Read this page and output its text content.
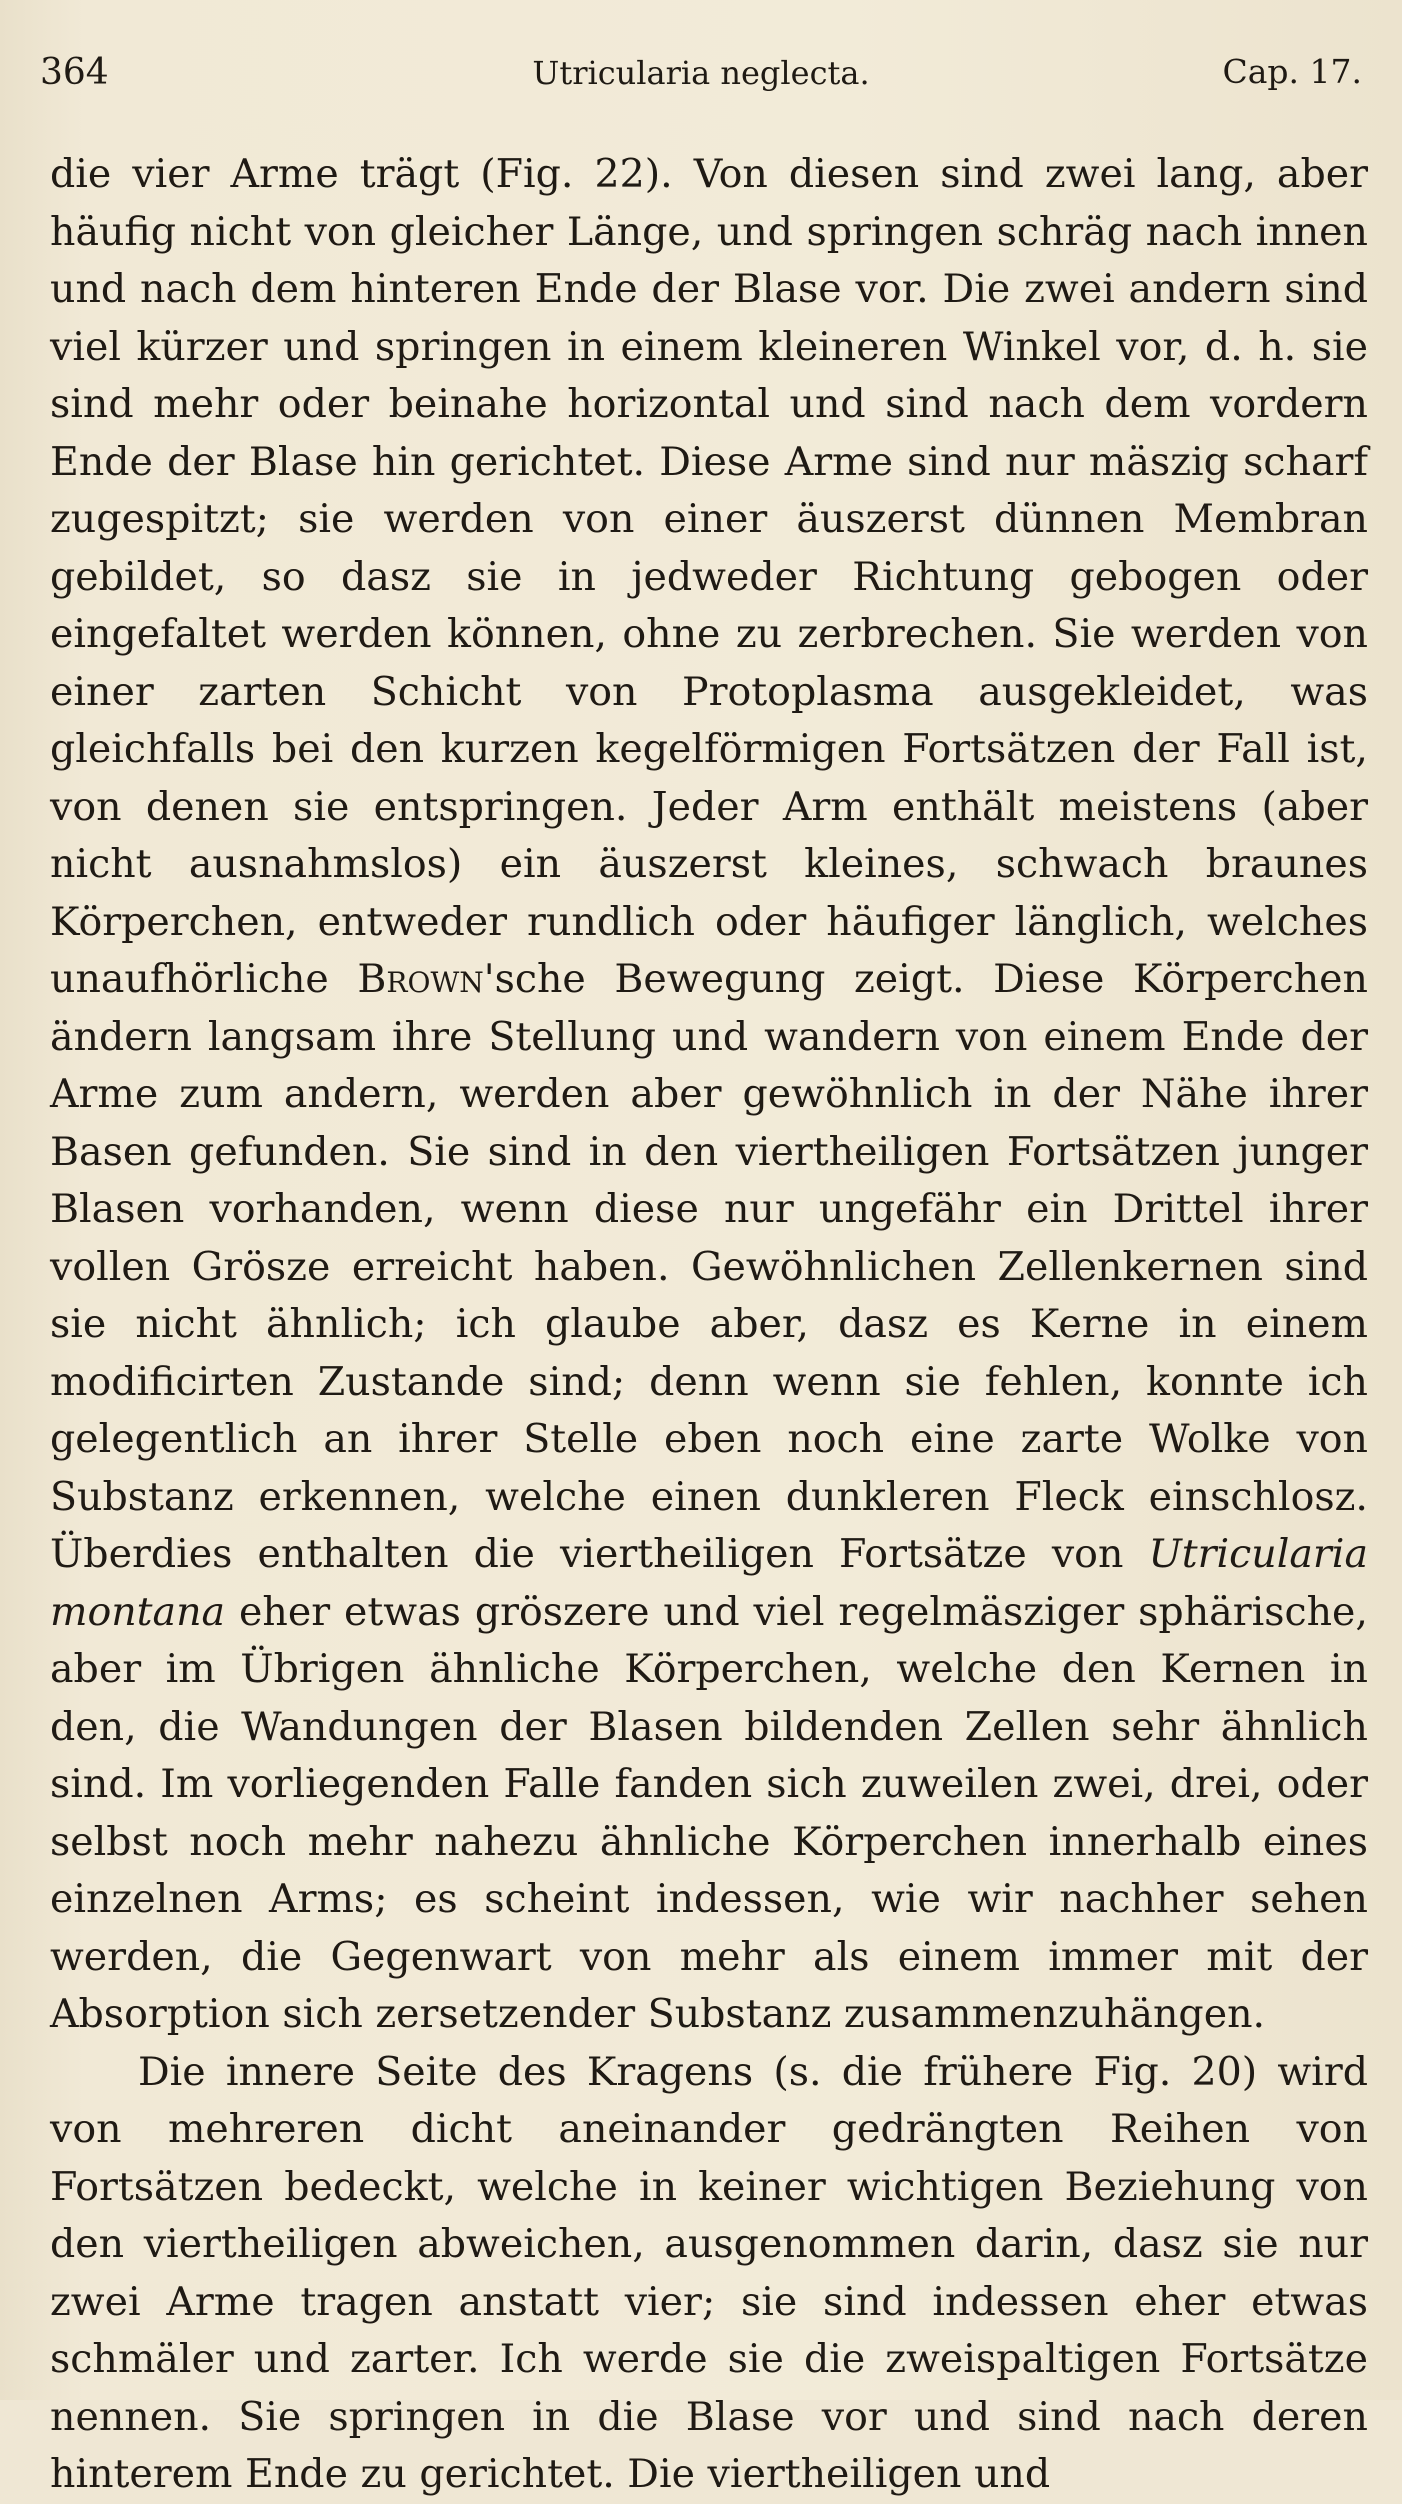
364	Utricularia neglecta.	Cap. 17.

die vier Arme trägt (Fig. 22). Von diesen sind zwei lang, aber häufig nicht von gleicher Länge, und springen schräg nach innen und nach dem hinteren Ende der Blase vor. Die zwei andern sind viel kürzer und springen in einem kleineren Winkel vor, d. h. sie sind mehr oder beinahe horizontal und sind nach dem vordern Ende der Blase hin gerichtet. Diese Arme sind nur mäszig scharf zugespitzt; sie werden von einer äuszerst dünnen Membran gebildet, so dasz sie in jedweder Richtung gebogen oder eingefaltet werden können, ohne zu zerbrechen. Sie werden von einer zarten Schicht von Protoplasma ausgekleidet, was gleichfalls bei den kurzen kegelförmigen Fortsätzen der Fall ist, von denen sie entspringen. Jeder Arm enthält meistens (aber nicht ausnahmslos) ein äuszerst kleines, schwach braunes Körperchen, entweder rundlich oder häufiger länglich, welches unaufhörliche Brown'sche Bewegung zeigt. Diese Körperchen ändern langsam ihre Stellung und wandern von einem Ende der Arme zum andern, werden aber gewöhnlich in der Nähe ihrer Basen gefunden. Sie sind in den viertheiligen Fortsätzen junger Blasen vorhanden, wenn diese nur ungefähr ein Drittel ihrer vollen Grösze erreicht haben. Gewöhnlichen Zellenkernen sind sie nicht ähnlich; ich glaube aber, dasz es Kerne in einem modificirten Zustande sind; denn wenn sie fehlen, konnte ich gelegentlich an ihrer Stelle eben noch eine zarte Wolke von Substanz erkennen, welche einen dunkleren Fleck einschlosz. Überdies enthalten die viertheiligen Fortsätze von Utricularia montana eher etwas gröszere und viel regelmäsziger sphärische, aber im Übrigen ähnliche Körperchen, welche den Kernen in den, die Wandungen der Blasen bildenden Zellen sehr ähnlich sind. Im vorliegenden Falle fanden sich zuweilen zwei, drei, oder selbst noch mehr nahezu ähnliche Körperchen innerhalb eines einzelnen Arms; es scheint indessen, wie wir nachher sehen werden, die Gegenwart von mehr als einem immer mit der Absorption sich zersetzender Substanz zusammenzuhängen.

Die innere Seite des Kragens (s. die frühere Fig. 20) wird von mehreren dicht aneinander gedrängten Reihen von Fortsätzen bedeckt, welche in keiner wichtigen Beziehung von den viertheiligen abweichen, ausgenommen darin, dasz sie nur zwei Arme tragen anstatt vier; sie sind indessen eher etwas schmäler und zarter. Ich werde sie die zweispaltigen Fortsätze nennen. Sie springen in die Blase vor und sind nach deren hinterem Ende zu gerichtet. Die viertheiligen und
